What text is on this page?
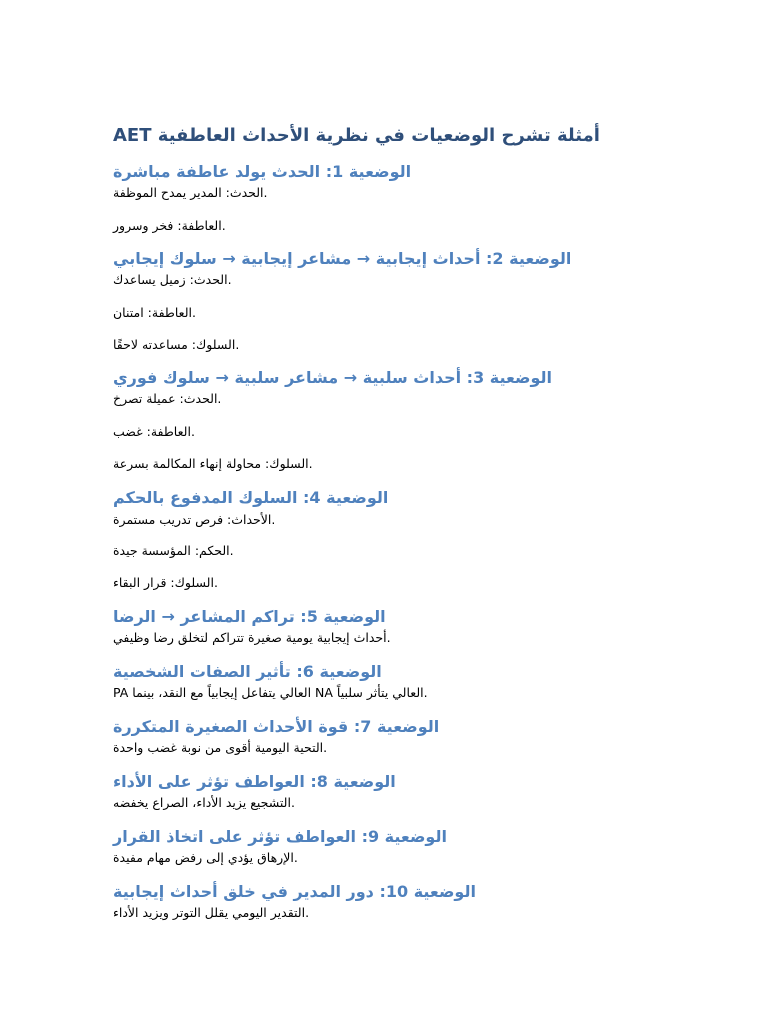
AET أمثلة تشرح الوضعيات في نظرية الأحداث العاطفية
الوضعية 1: الحدث يولد عاطفة مباشرة

الحدث: المدير يمدح الموظفة.

العاطفة: فخر وسرور.

الوضعية 2: أحداث إيجابية → مشاعر إيجابية → سلوك إيجابي

الحدث: زميل يساعدك.

العاطفة: امتنان.

السلوك: مساعدته لاحقًا.

الوضعية 3: أحداث سلبية → مشاعر سلبية → سلوك فوري

الحدث: عميلة تصرخ.

العاطفة: غضب.

السلوك: محاولة إنهاء المكالمة بسرعة.

الوضعية 4: السلوك المدفوع بالحكم

الأحداث: فرص تدريب مستمرة.

الحكم: المؤسسة جيدة.

السلوك: قرار البقاء.

الوضعية 5: تراكم المشاعر → الرضا

أحداث إيجابية يومية صغيرة تتراكم لتخلق رضا وظيفي.

الوضعية 6: تأثير الصفات الشخصية

PA العالي يتفاعل إيجابياً مع النقد، بينما NA العالي يتأثر سلبياً.

الوضعية 7: قوة الأحداث الصغيرة المتكررة

التحية اليومية أقوى من نوبة غضب واحدة.

الوضعية 8: العواطف تؤثر على الأداء

التشجيع يزيد الأداء، الصراع يخفضه.

الوضعية 9: العواطف تؤثر على اتخاذ القرار

الإرهاق يؤدي إلى رفض مهام مفيدة.

الوضعية 10: دور المدير في خلق أحداث إيجابية

التقدير اليومي يقلل التوتر ويزيد الأداء.
